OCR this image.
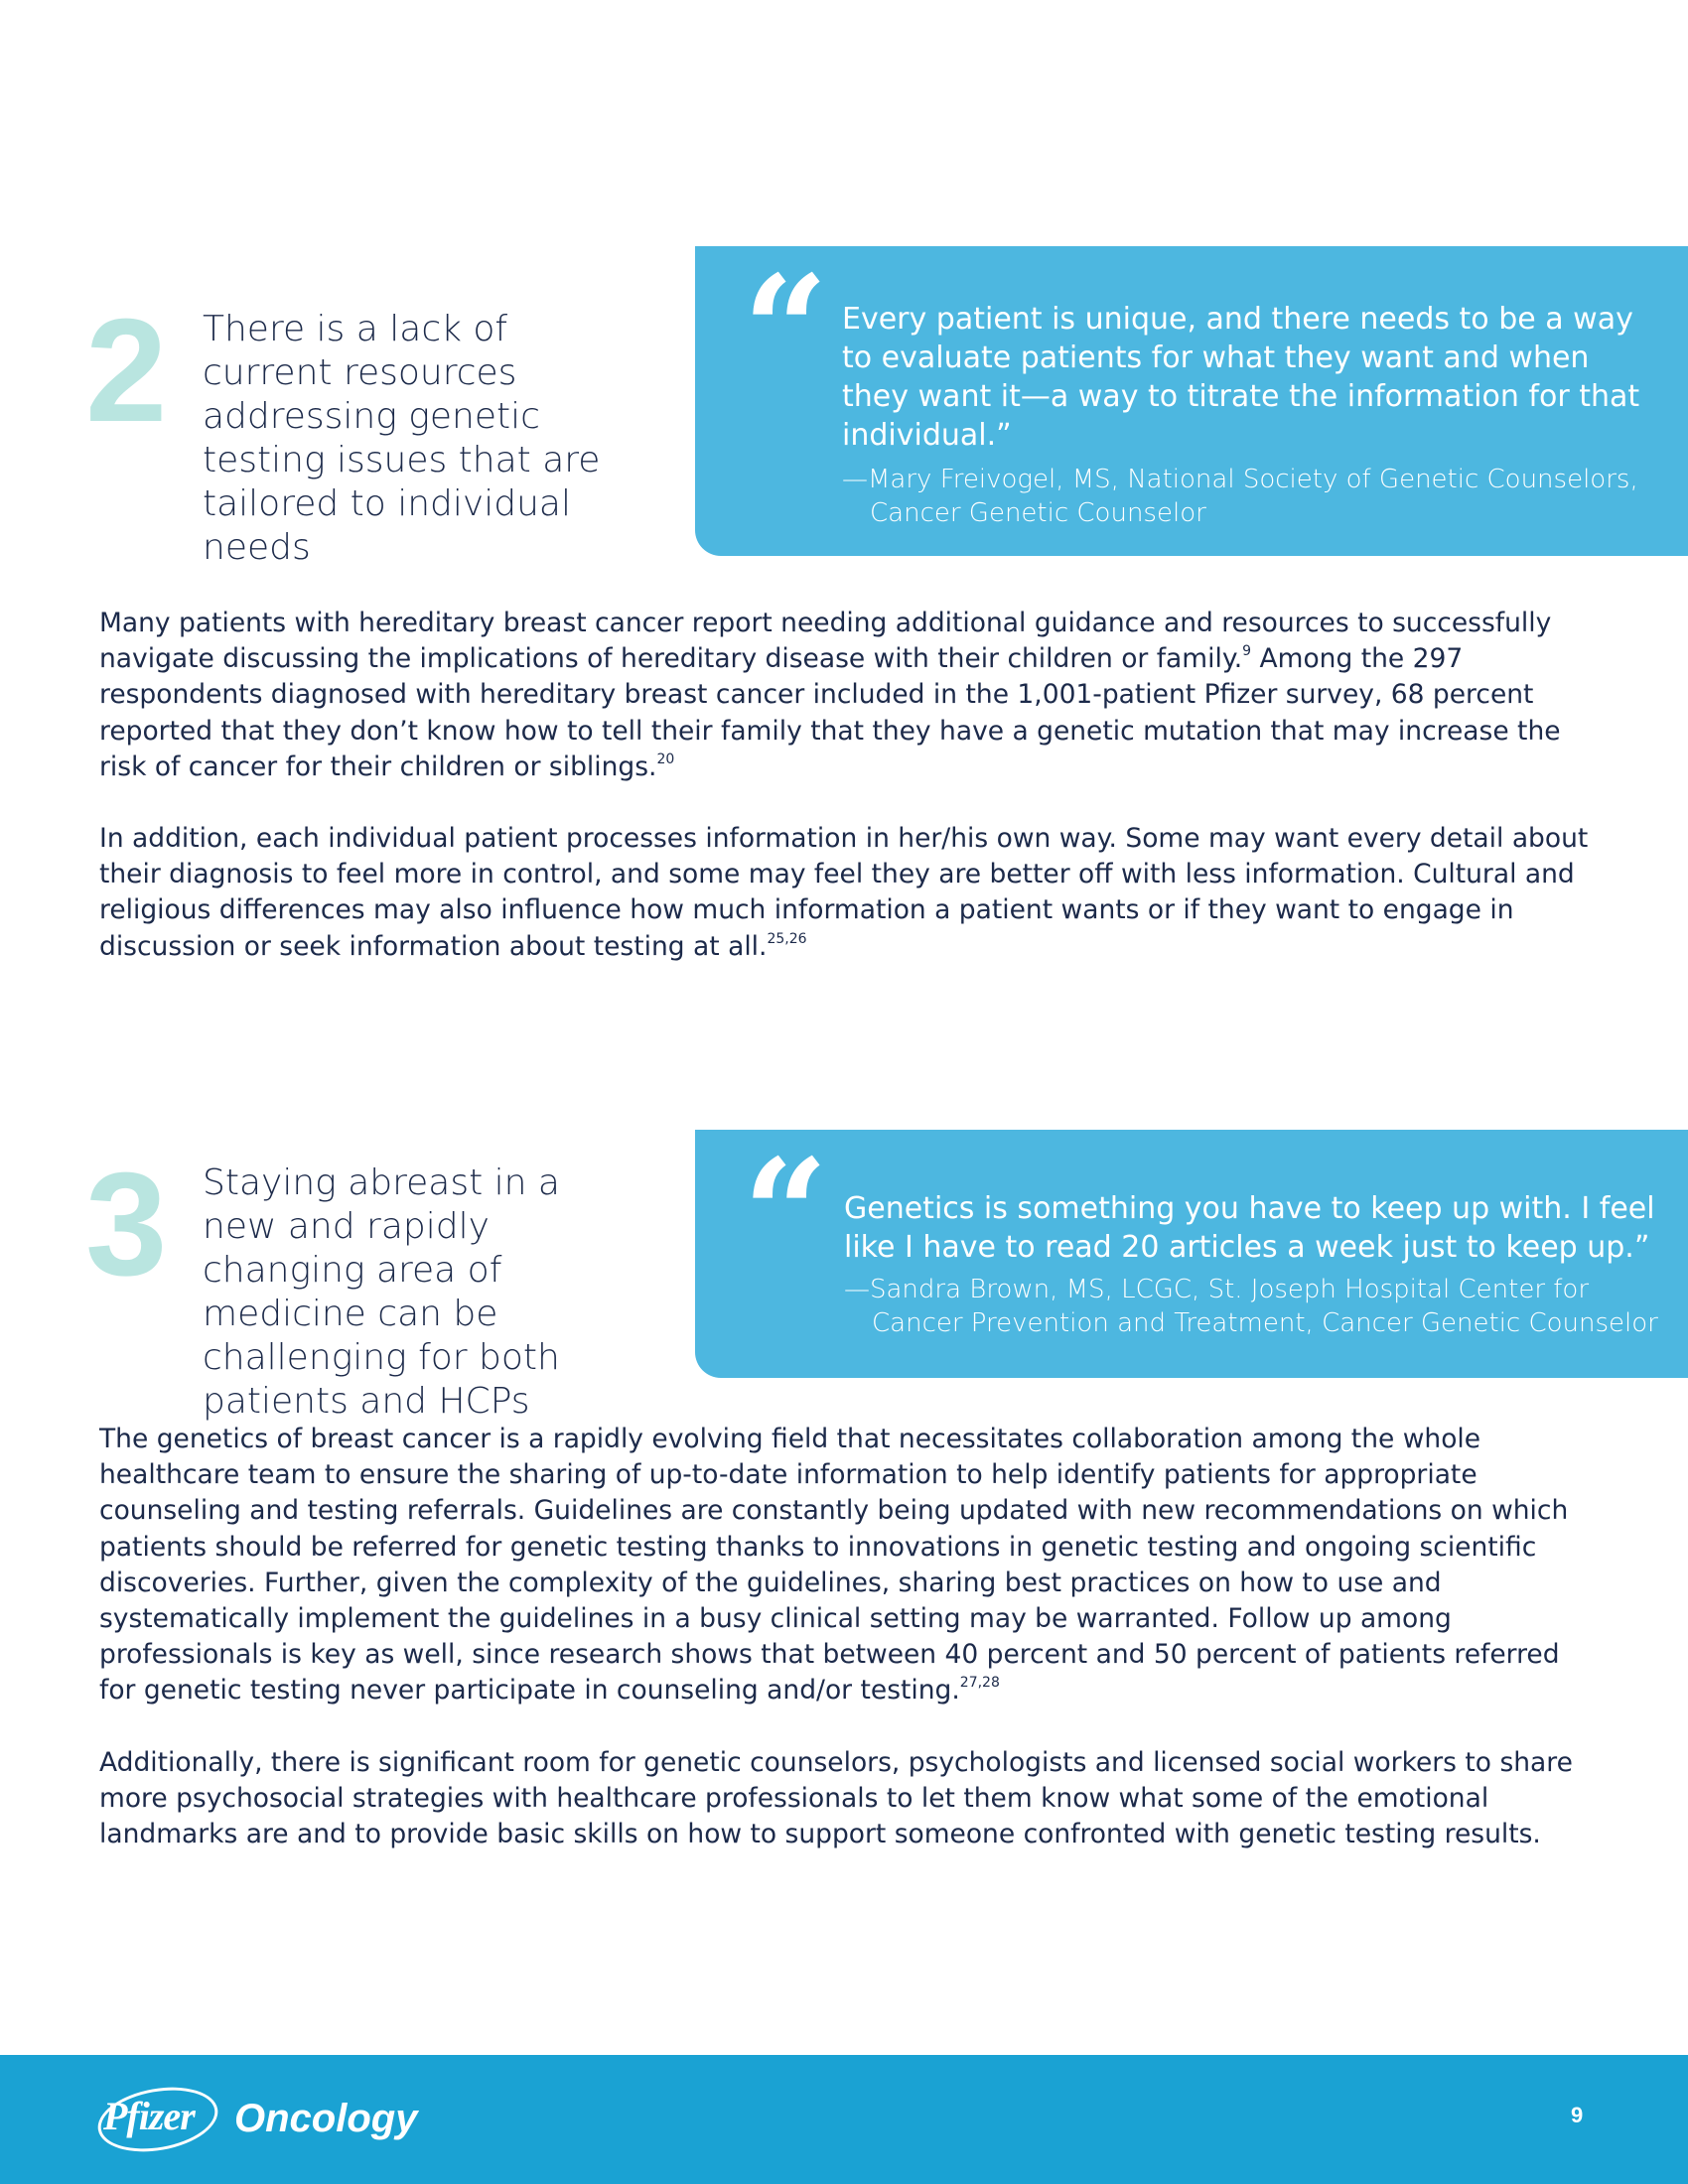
2 There is a lack of current resources addressing genetic testing issues that are tailored to individual needs
“ Every patient is unique, and there needs to be a way to evaluate patients for what they want and when they want it—a way to titrate the information for that individual.”
—Mary Freivogel, MS, National Society of Genetic Counselors,
Cancer Genetic Counselor

Many patients with hereditary breast cancer report needing additional guidance and resources to successfully navigate discussing the implications of hereditary disease with their children or family.$^9$ Among the 297 respondents diagnosed with hereditary breast cancer included in the 1,001-patient Pfizer survey, 68 percent reported that they don’t know how to tell their family that they have a genetic mutation that may increase the risk of cancer for their children or siblings.$^{20}$

In addition, each individual patient processes information in her/his own way. Some may want every detail about their diagnosis to feel more in control, and some may feel they are better off with less information. Cultural and religious differences may also influence how much information a patient wants or if they want to engage in discussion or seek information about testing at all.$^{25,26}$

3 Staying abreast in a new and rapidly changing area of medicine can be challenging for both patients and HCPs
“ Genetics is something you have to keep up with. I feel like I have to read 20 articles a week just to keep up.”
—Sandra Brown, MS, LCGC, St. Joseph Hospital Center for
Cancer Prevention and Treatment, Cancer Genetic Counselor

The genetics of breast cancer is a rapidly evolving field that necessitates collaboration among the whole healthcare team to ensure the sharing of up-to-date information to help identify patients for appropriate counseling and testing referrals. Guidelines are constantly being updated with new recommendations on which patients should be referred for genetic testing thanks to innovations in genetic testing and ongoing scientific discoveries. Further, given the complexity of the guidelines, sharing best practices on how to use and systematically implement the guidelines in a busy clinical setting may be warranted. Follow up among professionals is key as well, since research shows that between 40 percent and 50 percent of patients referred for genetic testing never participate in counseling and/or testing.$^{27,28}$

Additionally, there is significant room for genetic counselors, psychologists and licensed social workers to share more psychosocial strategies with healthcare professionals to let them know what some of the emotional landmarks are and to provide basic skills on how to support someone confronted with genetic testing results.

Pfizer Oncology	9
